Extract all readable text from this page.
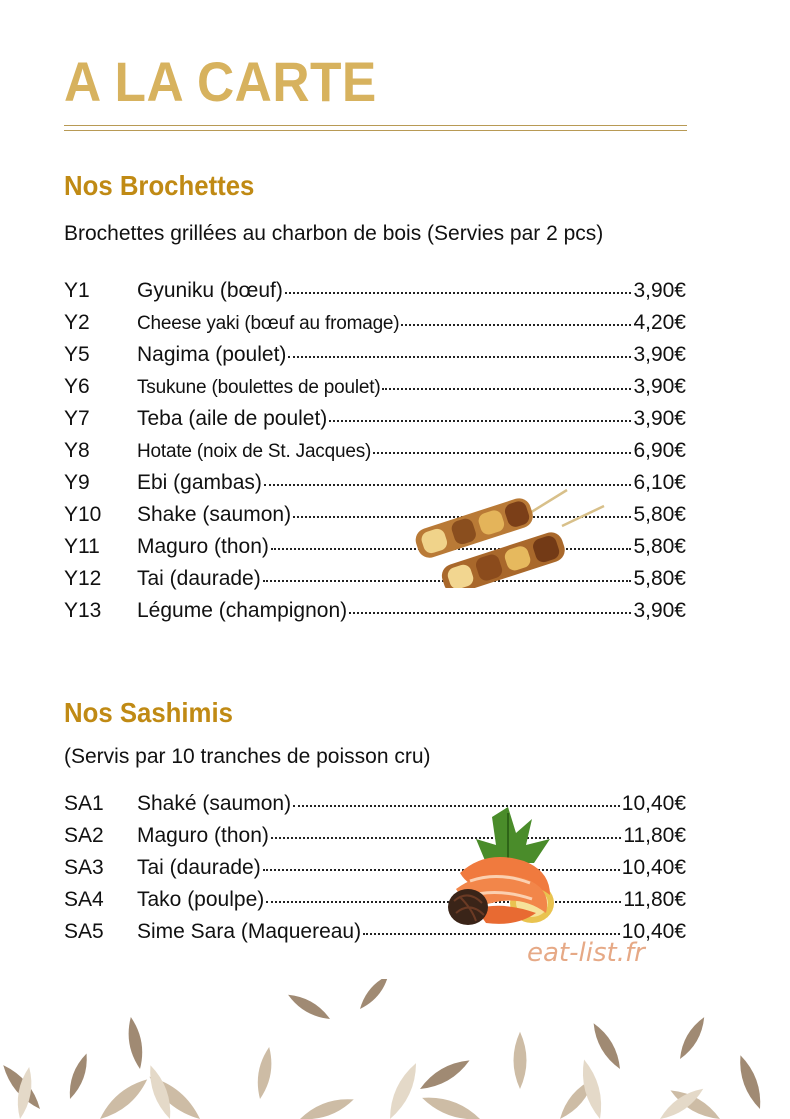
A LA CARTE
Nos Brochettes

Brochettes grillées au charbon de bois (Servies par 2 pcs)

Y1	Gyuniku (bœuf)	3,90€
Y2	Cheese yaki (bœuf au fromage)	4,20€
Y5	Nagima (poulet)	3,90€
Y6	Tsukune (boulettes de poulet)	3,90€
Y7	Teba (aile de poulet)	3,90€
Y8	Hotate (noix de St. Jacques)	6,90€
Y9	Ebi (gambas)	6,10€
Y10	Shake (saumon)	5,80€
Y11	Maguro (thon)	5,80€
Y12	Tai (daurade)	5,80€
Y13	Légume (champignon)	3,90€
Nos Sashimis

(Servis par 10 tranches de poisson cru)

SA1	Shaké (saumon)	10,40€
SA2	Maguro (thon)	11,80€
SA3	Tai (daurade)	10,40€
SA4	Tako (poulpe)	11,80€
SA5	Sime Sara (Maquereau)	10,40€
eat-list.fr
